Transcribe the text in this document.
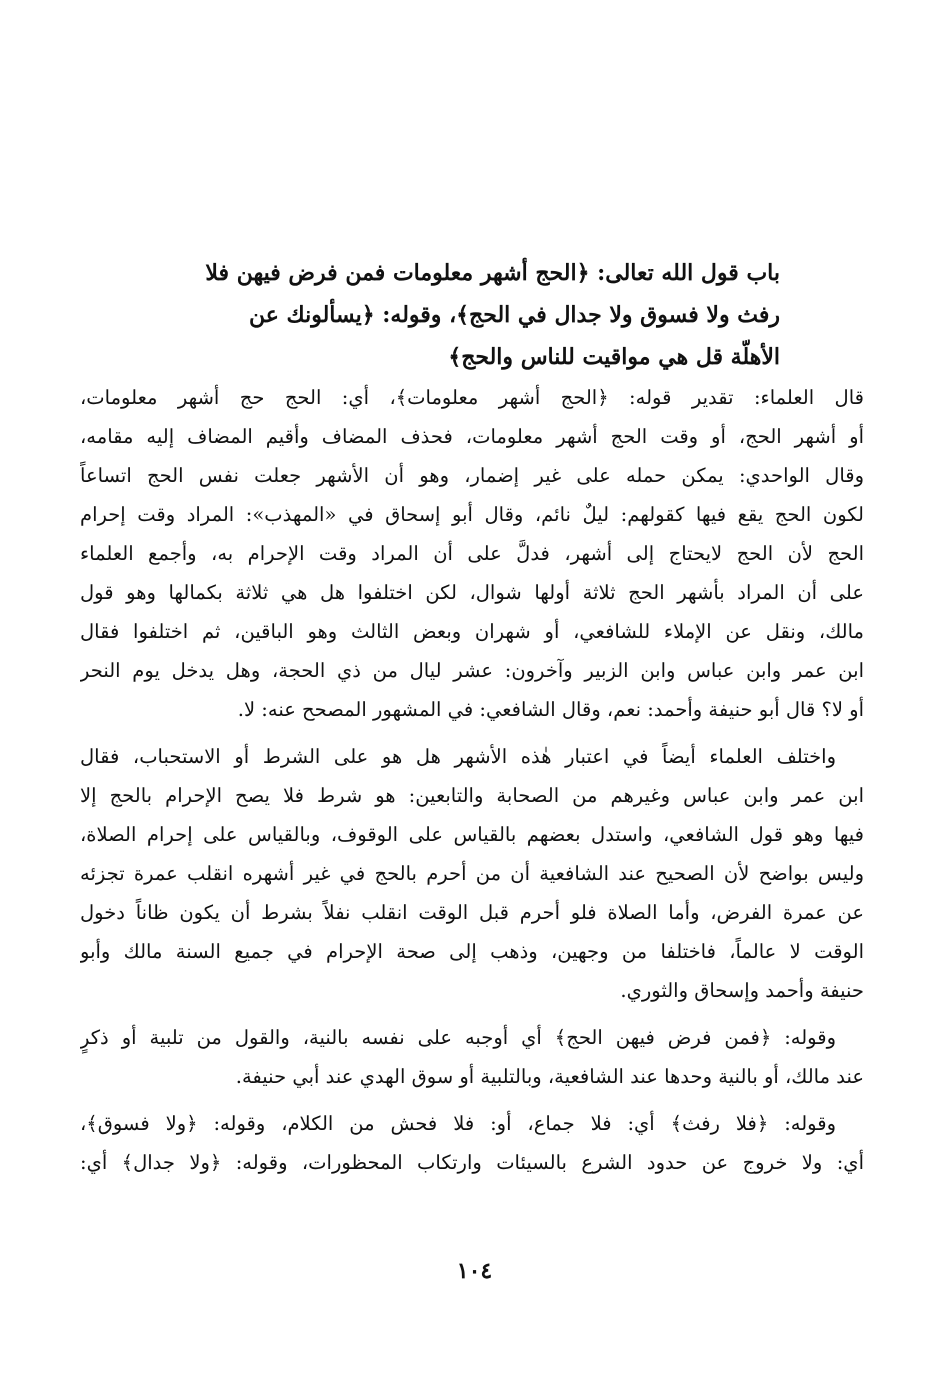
باب قول الله تعالى: ﴿الحج أشهر معلومات فمن فرض فيهن فلا
رفث ولا فسوق ولا جدال في الحج﴾، وقوله: ﴿يسألونك عن
الأهلّة قل هي مواقيت للناس والحج﴾
قال العلماء: تقدير قوله: ﴿الحج أشهر معلومات﴾، أي: الحج حج أشهر معلومات،
أو أشهر الحج، أو وقت الحج أشهر معلومات، فحذف المضاف وأقيم المضاف إليه مقامه،
وقال الواحدي: يمكن حمله على غير إضمار، وهو أن الأشهر جعلت نفس الحج اتساعاً
لكون الحج يقع فيها كقولهم: ليلٌ نائم، وقال أبو إسحاق في «المهذب»: المراد وقت إحرام
الحج لأن الحج لايحتاج إلى أشهر، فدلَّ على أن المراد وقت الإحرام به، وأجمع العلماء
على أن المراد بأشهر الحج ثلاثة أولها شوال، لكن اختلفوا هل هي ثلاثة بكمالها وهو قول
مالك، ونقل عن الإملاء للشافعي، أو شهران وبعض الثالث وهو الباقين، ثم اختلفوا فقال
ابن عمر وابن عباس وابن الزبير وآخرون: عشر ليال من ذي الحجة، وهل يدخل يوم النحر
أو لا؟ قال أبو حنيفة وأحمد: نعم، وقال الشافعي: في المشهور المصحح عنه: لا.
واختلف العلماء أيضاً في اعتبار هٰذه الأشهر هل هو على الشرط أو الاستحباب، فقال
ابن عمر وابن عباس وغيرهم من الصحابة والتابعين: هو شرط فلا يصح الإحرام بالحج إلا
فيها وهو قول الشافعي، واستدل بعضهم بالقياس على الوقوف، وبالقياس على إحرام الصلاة،
وليس بواضح لأن الصحيح عند الشافعية أن من أحرم بالحج في غير أشهره انقلب عمرة تجزئه
عن عمرة الفرض، وأما الصلاة فلو أحرم قبل الوقت انقلب نفلاً بشرط أن يكون ظاناً دخول
الوقت لا عالماً، فاختلفا من وجهين، وذهب إلى صحة الإحرام في جميع السنة مالك وأبو
حنيفة وأحمد وإسحاق والثوري.
وقوله: ﴿فمن فرض فيهن الحج﴾ أي أوجبه على نفسه بالنية، والقول من تلبية أو ذكرٍ
عند مالك، أو بالنية وحدها عند الشافعية، وبالتلبية أو سوق الهدي عند أبي حنيفة.
وقوله: ﴿فلا رفث﴾ أي: فلا جماع، أو: فلا فحش من الكلام، وقوله: ﴿ولا فسوق﴾،
أي: ولا خروج عن حدود الشرع بالسيئات وارتكاب المحظورات، وقوله: ﴿ولا جدال﴾ أي:
١٠٤
